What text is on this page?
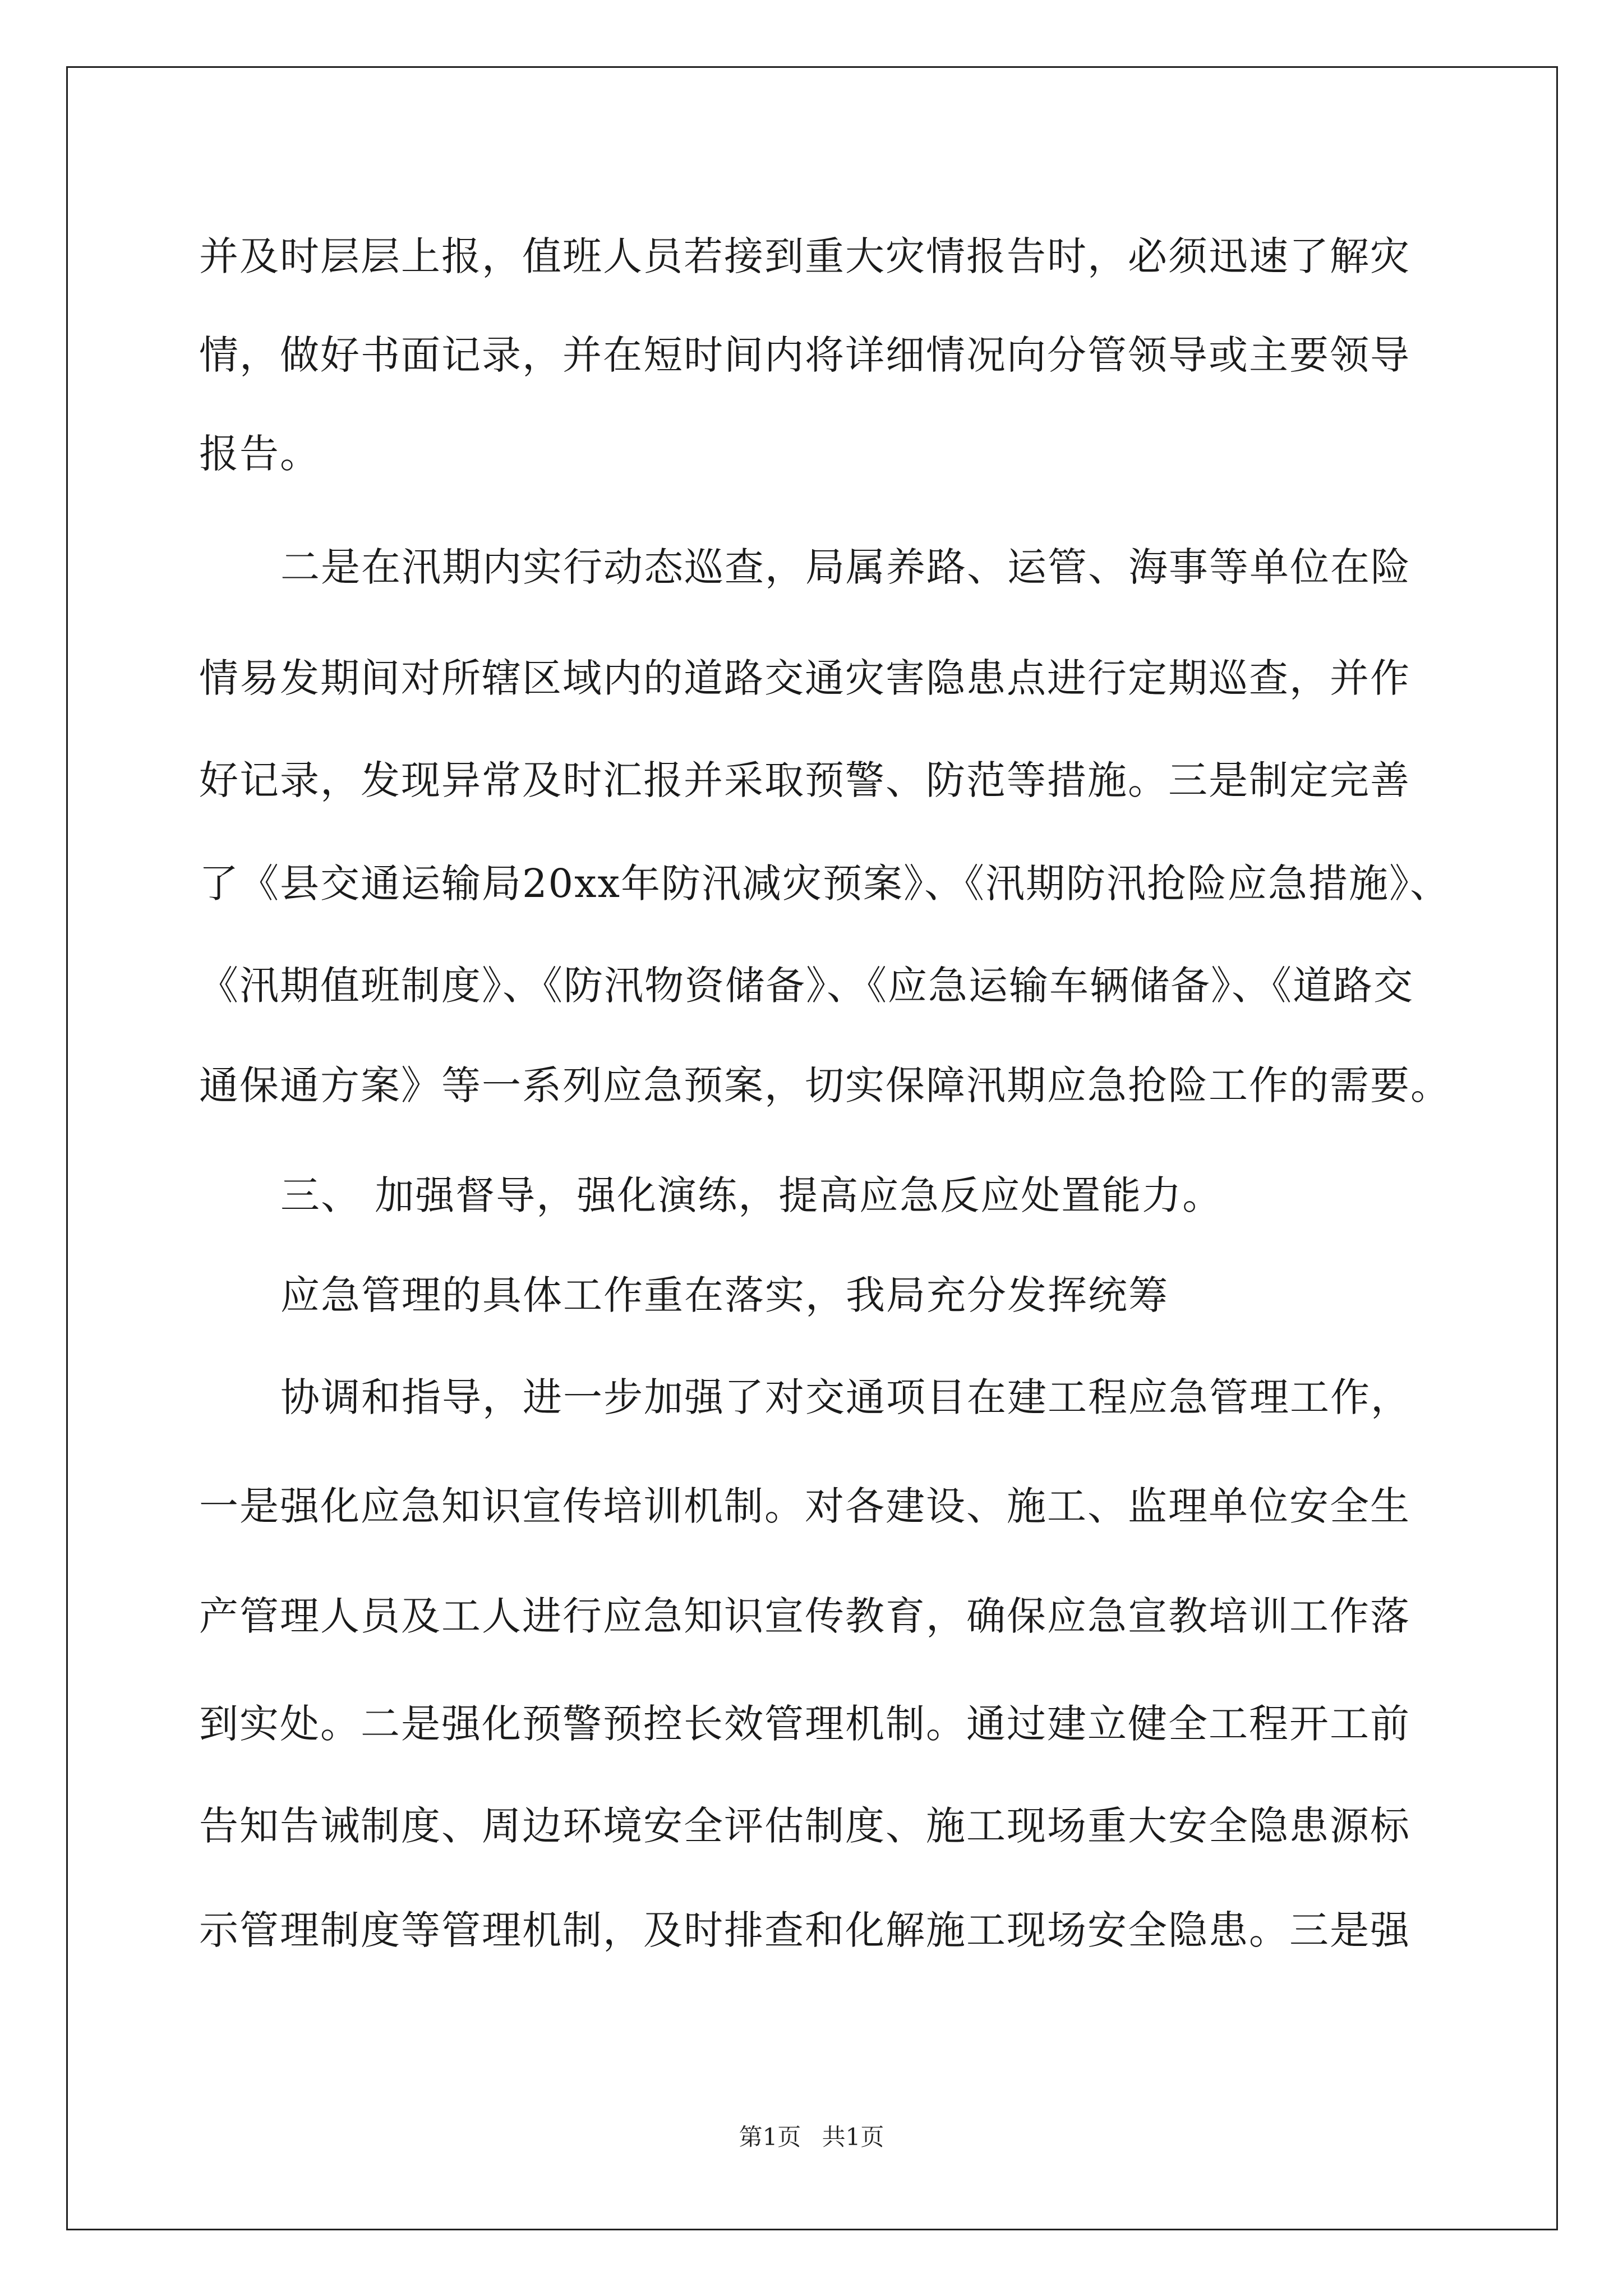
并及时层层上报，值班人员若接到重大灾情报告时，必须迅速了解灾
情，做好书面记录，并在短时间内将详细情况向分管领导或主要领导
报告。
二是在汛期内实行动态巡查，局属养路、运管、海事等单位在险
情易发期间对所辖区域内的道路交通灾害隐患点进行定期巡查，并作
好记录，发现异常及时汇报并采取预警、防范等措施。三是制定完善
了《县交通运输局20xx年防汛减灾预案》、《汛期防汛抢险应急措施》、
《汛期值班制度》、《防汛物资储备》、《应急运输车辆储备》、《道路交
通保通方案》等一系列应急预案，切实保障汛期应急抢险工作的需要。
三、 加强督导，强化演练，提高应急反应处置能力。
应急管理的具体工作重在落实，我局充分发挥统筹
协调和指导，进一步加强了对交通项目在建工程应急管理工作，
一是强化应急知识宣传培训机制。对各建设、施工、监理单位安全生
产管理人员及工人进行应急知识宣传教育，确保应急宣教培训工作落
到实处。二是强化预警预控长效管理机制。通过建立健全工程开工前
告知告诫制度、周边环境安全评估制度、施工现场重大安全隐患源标
示管理制度等管理机制，及时排查和化解施工现场安全隐患。三是强
第1页 共1页
